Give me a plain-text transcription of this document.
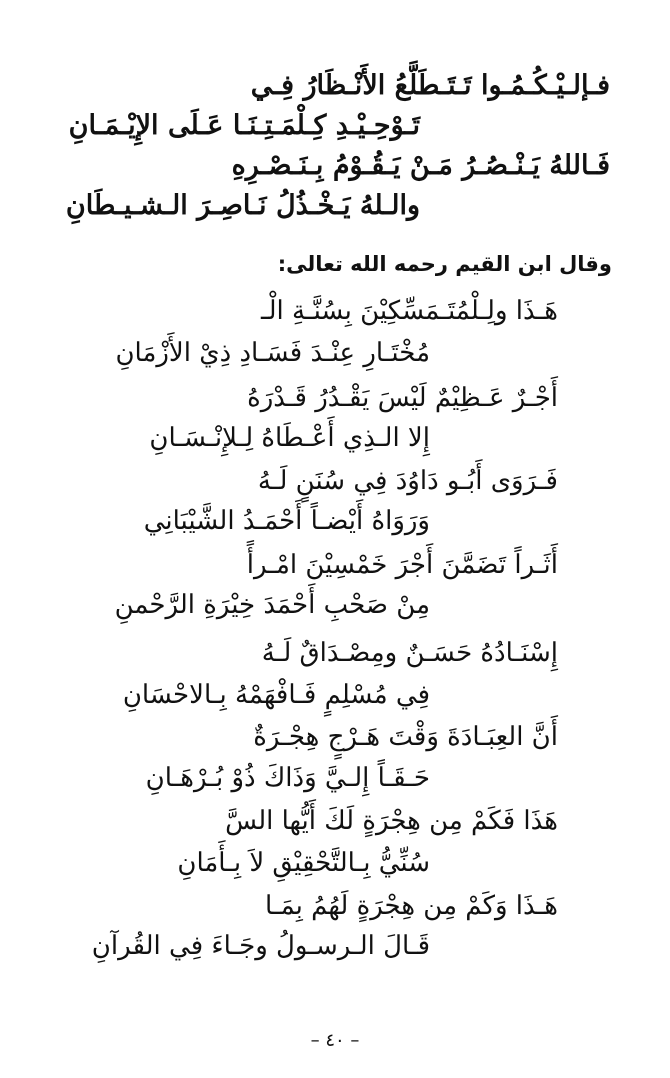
فـإلـيْـكُـمُـوا تَـتَـطَلَّعُ الأَنْـظَارُ فِـي
تَـوْحِـيْـدِ كِـلْمَـتِـنَـا عَـلَى الإِيْـمَـانِ
فَـاللهُ يَـنْـصُـرُ مَـنْ يَـقُـوْمُ بِـنَـصْـرِهِ
والـلهُ يَـخْـذُلُ نَـاصِـرَ الـشـيـطَانِ
وقال ابن القيم رحمه الله تعالى:
هَـذَا ولِـلْمُتَـمَسِّكِيْنَ بِسُنَّـةِ الْـ
مُخْتَـارِ عِنْـدَ فَسَـادِ ذِيْ الأَزْمَانِ
أَجْـرٌ عَـظِيْمٌ لَيْسَ يَقْـدُرُ قَـدْرَهُ
إِلا الـذِي أَعْـطَاهُ لِـلإِنْـسَـانِ
فَـرَوَى أَبُـو دَاوُدَ فِي سُنَنٍ لَـهُ
وَرَوَاهُ أَيْضـاً أَحْمَـدُ الشَّيْبَانِي
أَثَـراً تَضَمَّنَ أَجْرَ خَمْسِيْنَ امْـرأً
مِنْ صَحْبِ أَحْمَدَ خِيْرَةِ الرَّحْمنِ
إِسْنَـادُهُ حَسَـنٌ ومِصْـدَاقٌ لَـهُ
فِي مُسْلِمٍ فَـافْهَمْهُ بِـالاحْسَانِ
أَنَّ العِبَـادَةَ وَقْتَ هَـرْجٍ هِجْـرَةٌ
حَـقَـاً إِلـيَّ وَذَاكَ ذُوْ بُـرْهَـانِ
هَذَا فَكَمْ مِن هِجْرَةٍ لَكَ أَيُّها السَّ
سُنِّيُّ بِـالتَّحْقِيْقِ لاَ بِـأَمَانِ
هَـذَا وَكَمْ مِن هِجْرَةٍ لَهُمُ بِمَـا
قَـالَ الـرسـولُ وجَـاءَ فِي القُرآنِ
– ٤٠ –
